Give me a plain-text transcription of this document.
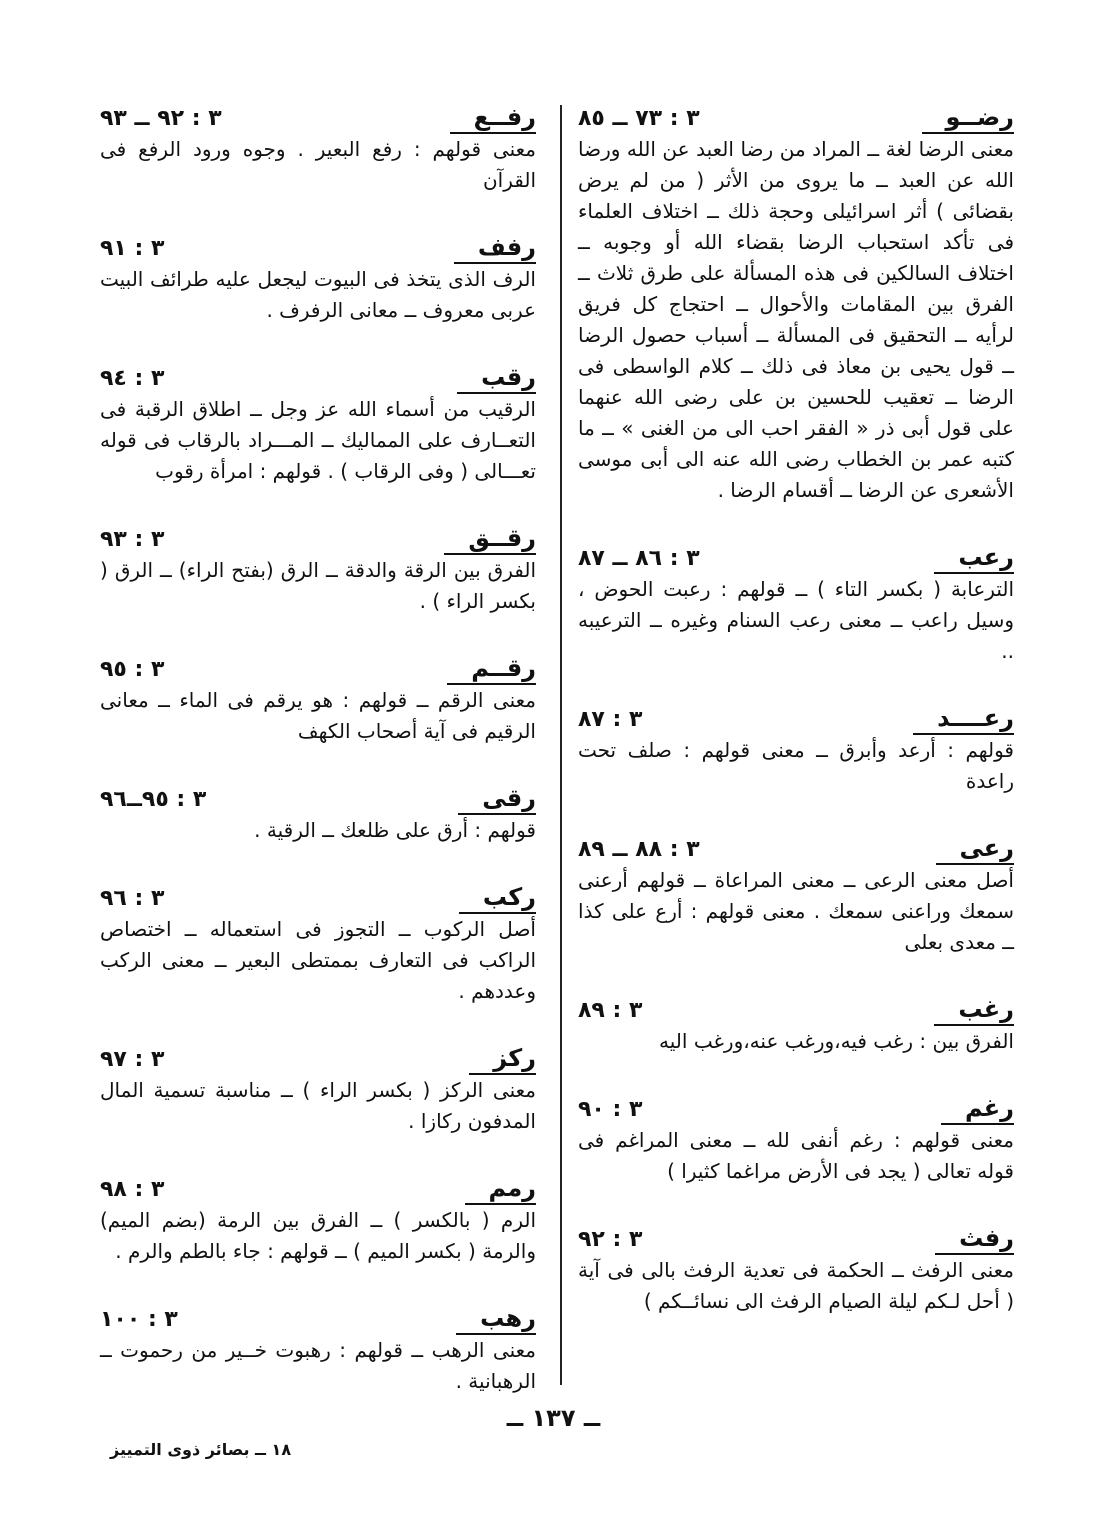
رضــو
٣ : ٧٣ ــ ٨٥
معنى الرضا لغة ــ المراد من رضا العبد عن الله ورضا الله عن العبد ــ ما يروى من الأثر ( من لم يرض بقضائى ) أثر اسرائيلى وحجة ذلك ــ اختلاف العلماء فى تأكد استحباب الرضا بقضاء الله أو وجوبه ــ اختلاف السالكين فى هذه المسألة على طرق ثلاث ــ الفرق بين المقامات والأحوال ــ احتجاج كل فريق لرأيه ــ التحقيق فى المسألة ــ أسباب حصول الرضا ــ قول يحيى بن معاذ فى ذلك ــ كلام الواسطى فى الرضا ــ تعقيب للحسين بن على رضى الله عنهما على قول أبى ذر « الفقر احب الى من الغنى » ــ ما كتبه عمر بن الخطاب رضى الله عنه الى أبى موسى الأشعرى عن الرضا ــ أقسام الرضا .
رعب
٣ : ٨٦ ــ ٨٧
الترعابة ( بكسر التاء ) ــ قولهم : رعبت الحوض ، وسيل راعب ــ معنى رعب السنام وغيره ــ الترعيبه ..
رعــــد
٣ : ٨٧
قولهم : أرعد وأبرق ــ معنى قولهم : صلف تحت راعدة
رعى
٣ : ٨٨ ــ ٨٩
أصل معنى الرعى ــ معنى المراعاة ــ قولهم أرعنى سمعك وراعنى سمعك . معنى قولهم : أرع على كذا ــ معدى بعلى
رغب
٣ : ٨٩
الفرق بين : رغب فيه،ورغب عنه،ورغب اليه
رغم
٣ : ٩٠
معنى قولهم : رغم أنفى لله ــ معنى المراغم فى قوله تعالى ( يجد فى الأرض مراغما كثيرا )
رفث
٣ : ٩٢
معنى الرفث ــ الحكمة فى تعدية الرفث بالى فى آية ( أحل لـكم ليلة الصيام الرفث الى نسائــكم )
رفــع
٣ : ٩٢ ــ ٩٣
معنى قولهم : رفع البعير . وجوه ورود الرفع فى القرآن
رفف
٣ : ٩١
الرف الذى يتخذ فى البيوت ليجعل عليه طرائف البيت عربى معروف ــ معانى الرفرف .
رقب
٣ : ٩٤
الرقيب من أسماء الله عز وجل ــ اطلاق الرقبة فى التعــارف على المماليك ــ المـــراد بالرقاب فى قوله تعـــالى ( وفى الرقاب ) . قولهم : امرأة رقوب
رقــق
٣ : ٩٣
الفرق بين الرقة والدقة ــ الرق (بفتح الراء) ــ الرق ( بكسر الراء ) .
رقــم
٣ : ٩٥
معنى الرقم ــ قولهم : هو يرقم فى الماء ــ معانى الرقيم فى آية أصحاب الكهف
رقى
٣ : ٩٥ــ٩٦
قولهم : أرق على ظلعك ــ الرقية .
ركب
٣ : ٩٦
أصل الركوب ــ التجوز فى استعماله ــ اختصاص الراكب فى التعارف بممتطى البعير ــ معنى الركب وعددهم .
ركز
٣ : ٩٧
معنى الركز ( بكسر الراء ) ــ مناسبة تسمية المال المدفون ركازا .
رمم
٣ : ٩٨
الرم ( بالكسر ) ــ الفرق بين الرمة (بضم الميم) والرمة ( بكسر الميم ) ــ قولهم : جاء بالطم والرم .
رهب
٣ : ١٠٠
معنى الرهب ــ قولهم : رهبوت خــير من رحموت ــ الرهبانية .
ــ ١٣٧ ــ
١٨ ــ بصائر ذوى التمييز
